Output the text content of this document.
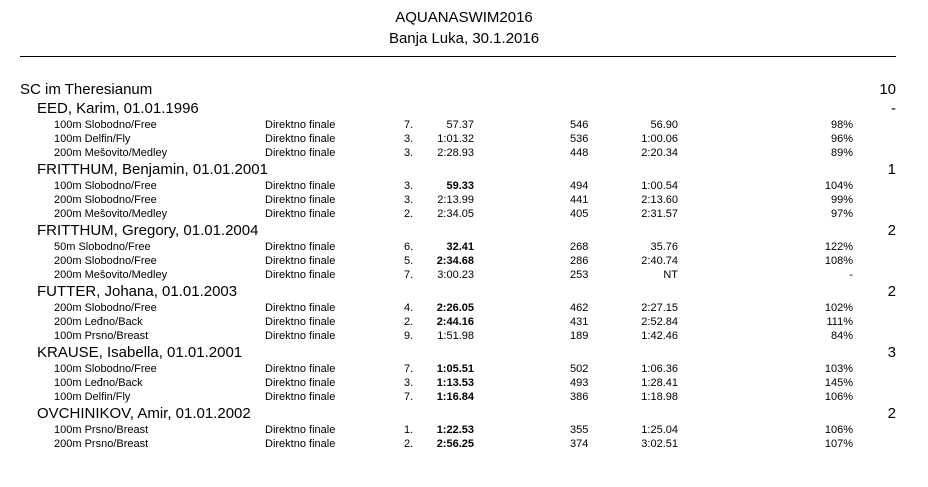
AQUANASWIM2016
Banja Luka, 30.1.2016
SC im Theresianum	10
EED, Karim, 01.01.1996	-
100m Slobodno/Free	Direktno finale	7.	57.37	546	56.90	98%
100m Delfin/Fly	Direktno finale	3. 1:01.32	536	1:00.06	96%
200m Mešovito/Medley	Direktno finale	3. 2:28.93	448	2:20.34	89%
FRITTHUM, Benjamin, 01.01.2001	1
100m Slobodno/Free	Direktno finale	3.	59.33	494	1:00.54	104%
200m Slobodno/Free	Direktno finale	3. 2:13.99	441	2:13.60	99%
200m Mešovito/Medley	Direktno finale	2. 2:34.05	405	2:31.57	97%
FRITTHUM, Gregory, 01.01.2004	2
50m Slobodno/Free	Direktno finale	6.	32.41	268	35.76	122%
200m Slobodno/Free	Direktno finale	5. 2:34.68	286	2:40.74	108%
200m Mešovito/Medley	Direktno finale	7. 3:00.23	253	NT	-
FUTTER, Johana, 01.01.2003	2
200m Slobodno/Free	Direktno finale	4. 2:26.05	462	2:27.15	102%
200m Leđno/Back	Direktno finale	2. 2:44.16	431	2:52.84	111%
100m Prsno/Breast	Direktno finale	9. 1:51.98	189	1:42.46	84%
KRAUSE, Isabella, 01.01.2001	3
100m Slobodno/Free	Direktno finale	7. 1:05.51	502	1:06.36	103%
100m Leđno/Back	Direktno finale	3. 1:13.53	493	1:28.41	145%
100m Delfin/Fly	Direktno finale	7. 1:16.84	386	1:18.98	106%
OVCHINIKOV, Amir, 01.01.2002	2
100m Prsno/Breast	Direktno finale	1. 1:22.53	355	1:25.04	106%
200m Prsno/Breast	Direktno finale	2. 2:56.25	374	3:02.51	107%
